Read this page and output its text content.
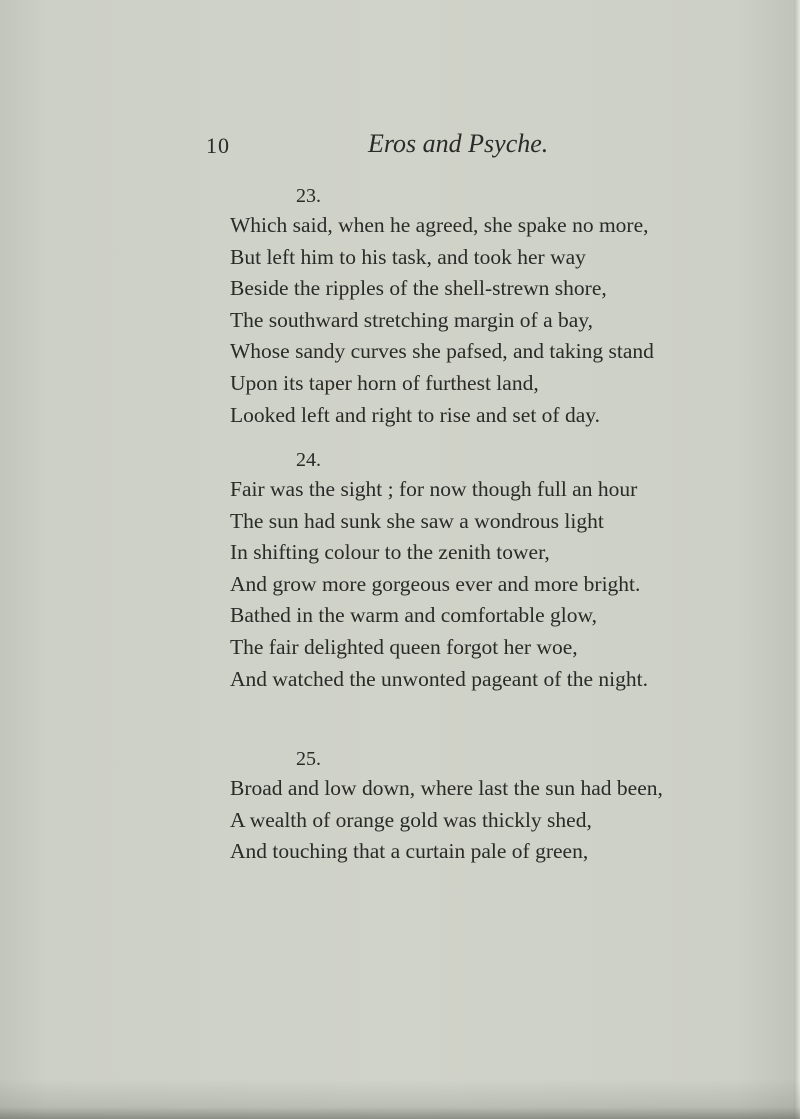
10	Eros and Psyche.
23.
Which said, when he agreed, she spake no more,
But left him to his task, and took her way
Beside the ripples of the shell-strewn shore,
The southward stretching margin of a bay,
Whose sandy curves she pafsed, and taking stand
Upon its taper horn of furthest land,
Looked left and right to rise and set of day.
24.
Fair was the sight ; for now though full an hour
The sun had sunk she saw a wondrous light
In shifting colour to the zenith tower,
And grow more gorgeous ever and more bright.
Bathed in the warm and comfortable glow,
The fair delighted queen forgot her woe,
And watched the unwonted pageant of the night.
25.
Broad and low down, where last the sun had been,
A wealth of orange gold was thickly shed,
And touching that a curtain pale of green,
